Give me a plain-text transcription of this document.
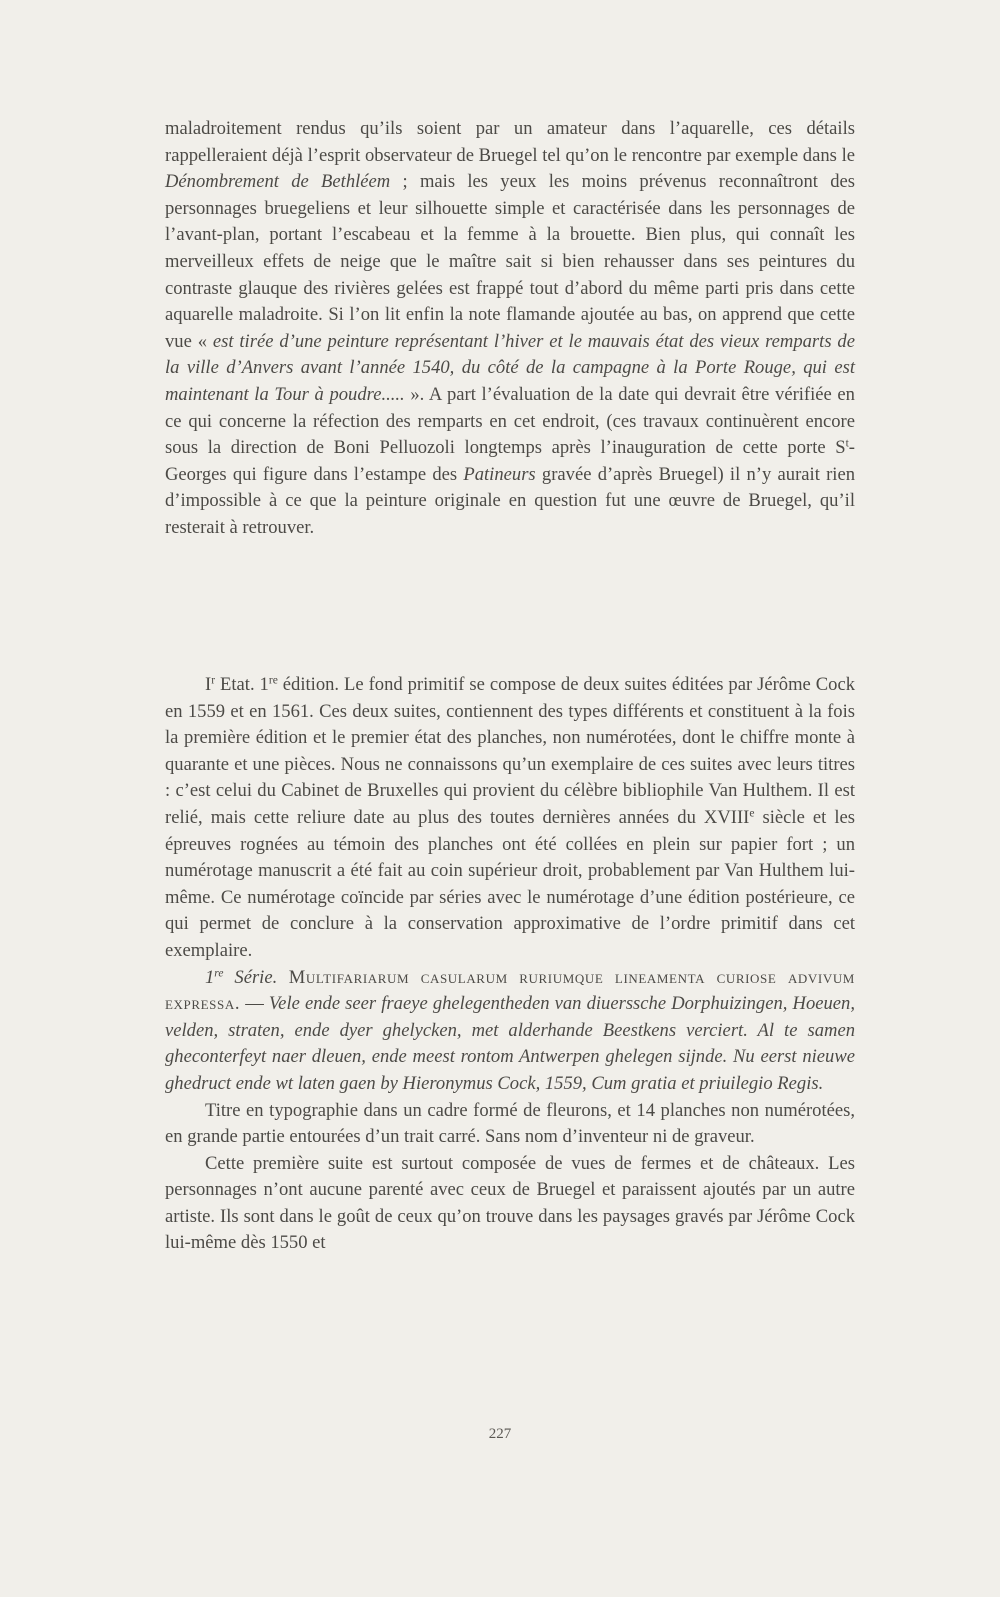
maladroitement rendus qu’ils soient par un amateur dans l’aquarelle, ces détails rappelleraient déjà l’esprit observateur de Bruegel tel qu’on le rencontre par exemple dans le Dénombrement de Bethléem ; mais les yeux les moins prévenus reconnaîtront des personnages bruegeliens et leur silhouette simple et caractérisée dans les personnages de l’avant-plan, portant l’escabeau et la femme à la brouette. Bien plus, qui connaît les merveilleux effets de neige que le maître sait si bien rehausser dans ses peintures du contraste glauque des rivières gelées est frappé tout d’abord du même parti pris dans cette aquarelle maladroite. Si l’on lit enfin la note flamande ajoutée au bas, on apprend que cette vue « est tirée d’une peinture représentant l’hiver et le mauvais état des vieux remparts de la ville d’Anvers avant l’année 1540, du côté de la campagne à la Porte Rouge, qui est maintenant la Tour à poudre..... ». A part l’évaluation de la date qui devrait être vérifiée en ce qui concerne la réfection des remparts en cet endroit, (ces travaux continuèrent encore sous la direction de Boni Pelluozoli longtemps après l’inauguration de cette porte $S^t$-Georges qui figure dans l’estampe des Patineurs gravée d’après Bruegel) il n’y aurait rien d’impossible à ce que la peinture originale en question fut une œuvre de Bruegel, qu’il resterait à retrouver.

$I^r$ Etat. 1re édition. Le fond primitif se compose de deux suites éditées par Jérôme Cock en 1559 et en 1561. Ces deux suites, contiennent des types différents et constituent à la fois la première édition et le premier état des planches, non numérotées, dont le chiffre monte à quarante et une pièces. Nous ne connaissons qu’un exemplaire de ces suites avec leurs titres : c’est celui du Cabinet de Bruxelles qui provient du célèbre bibliophile Van Hulthem. Il est relié, mais cette reliure date au plus des toutes dernières années du XVIIIe siècle et les épreuves rognées au témoin des planches ont été collées en plein sur papier fort ; un numérotage manuscrit a été fait au coin supérieur droit, probablement par Van Hulthem lui-même. Ce numérotage coïncide par séries avec le numérotage d’une édition postérieure, ce qui permet de conclure à la conservation approximative de l’ordre primitif dans cet exemplaire.

1re Série. Multifariarum casularum ruriumque lineamenta curiose advivum expressa. — Vele ende seer fraeye ghelegentheden van diuerssche Dorphuizingen, Hoeuen, velden, straten, ende dyer ghelycken, met alderhande Beestkens verciert. Al te samen gheconterfeyt naer dleuen, ende meest rontom Antwerpen ghelegen sijnde. Nu eerst nieuwe ghedruct ende wt laten gaen by Hieronymus Cock, 1559, Cum gratia et priuilegio Regis.

Titre en typographie dans un cadre formé de fleurons, et 14 planches non numérotées, en grande partie entourées d’un trait carré. Sans nom d’inventeur ni de graveur.

Cette première suite est surtout composée de vues de fermes et de châteaux. Les personnages n’ont aucune parenté avec ceux de Bruegel et paraissent ajoutés par un autre artiste. Ils sont dans le goût de ceux qu’on trouve dans les paysages gravés par Jérôme Cock lui-même dès 1550 et

227
